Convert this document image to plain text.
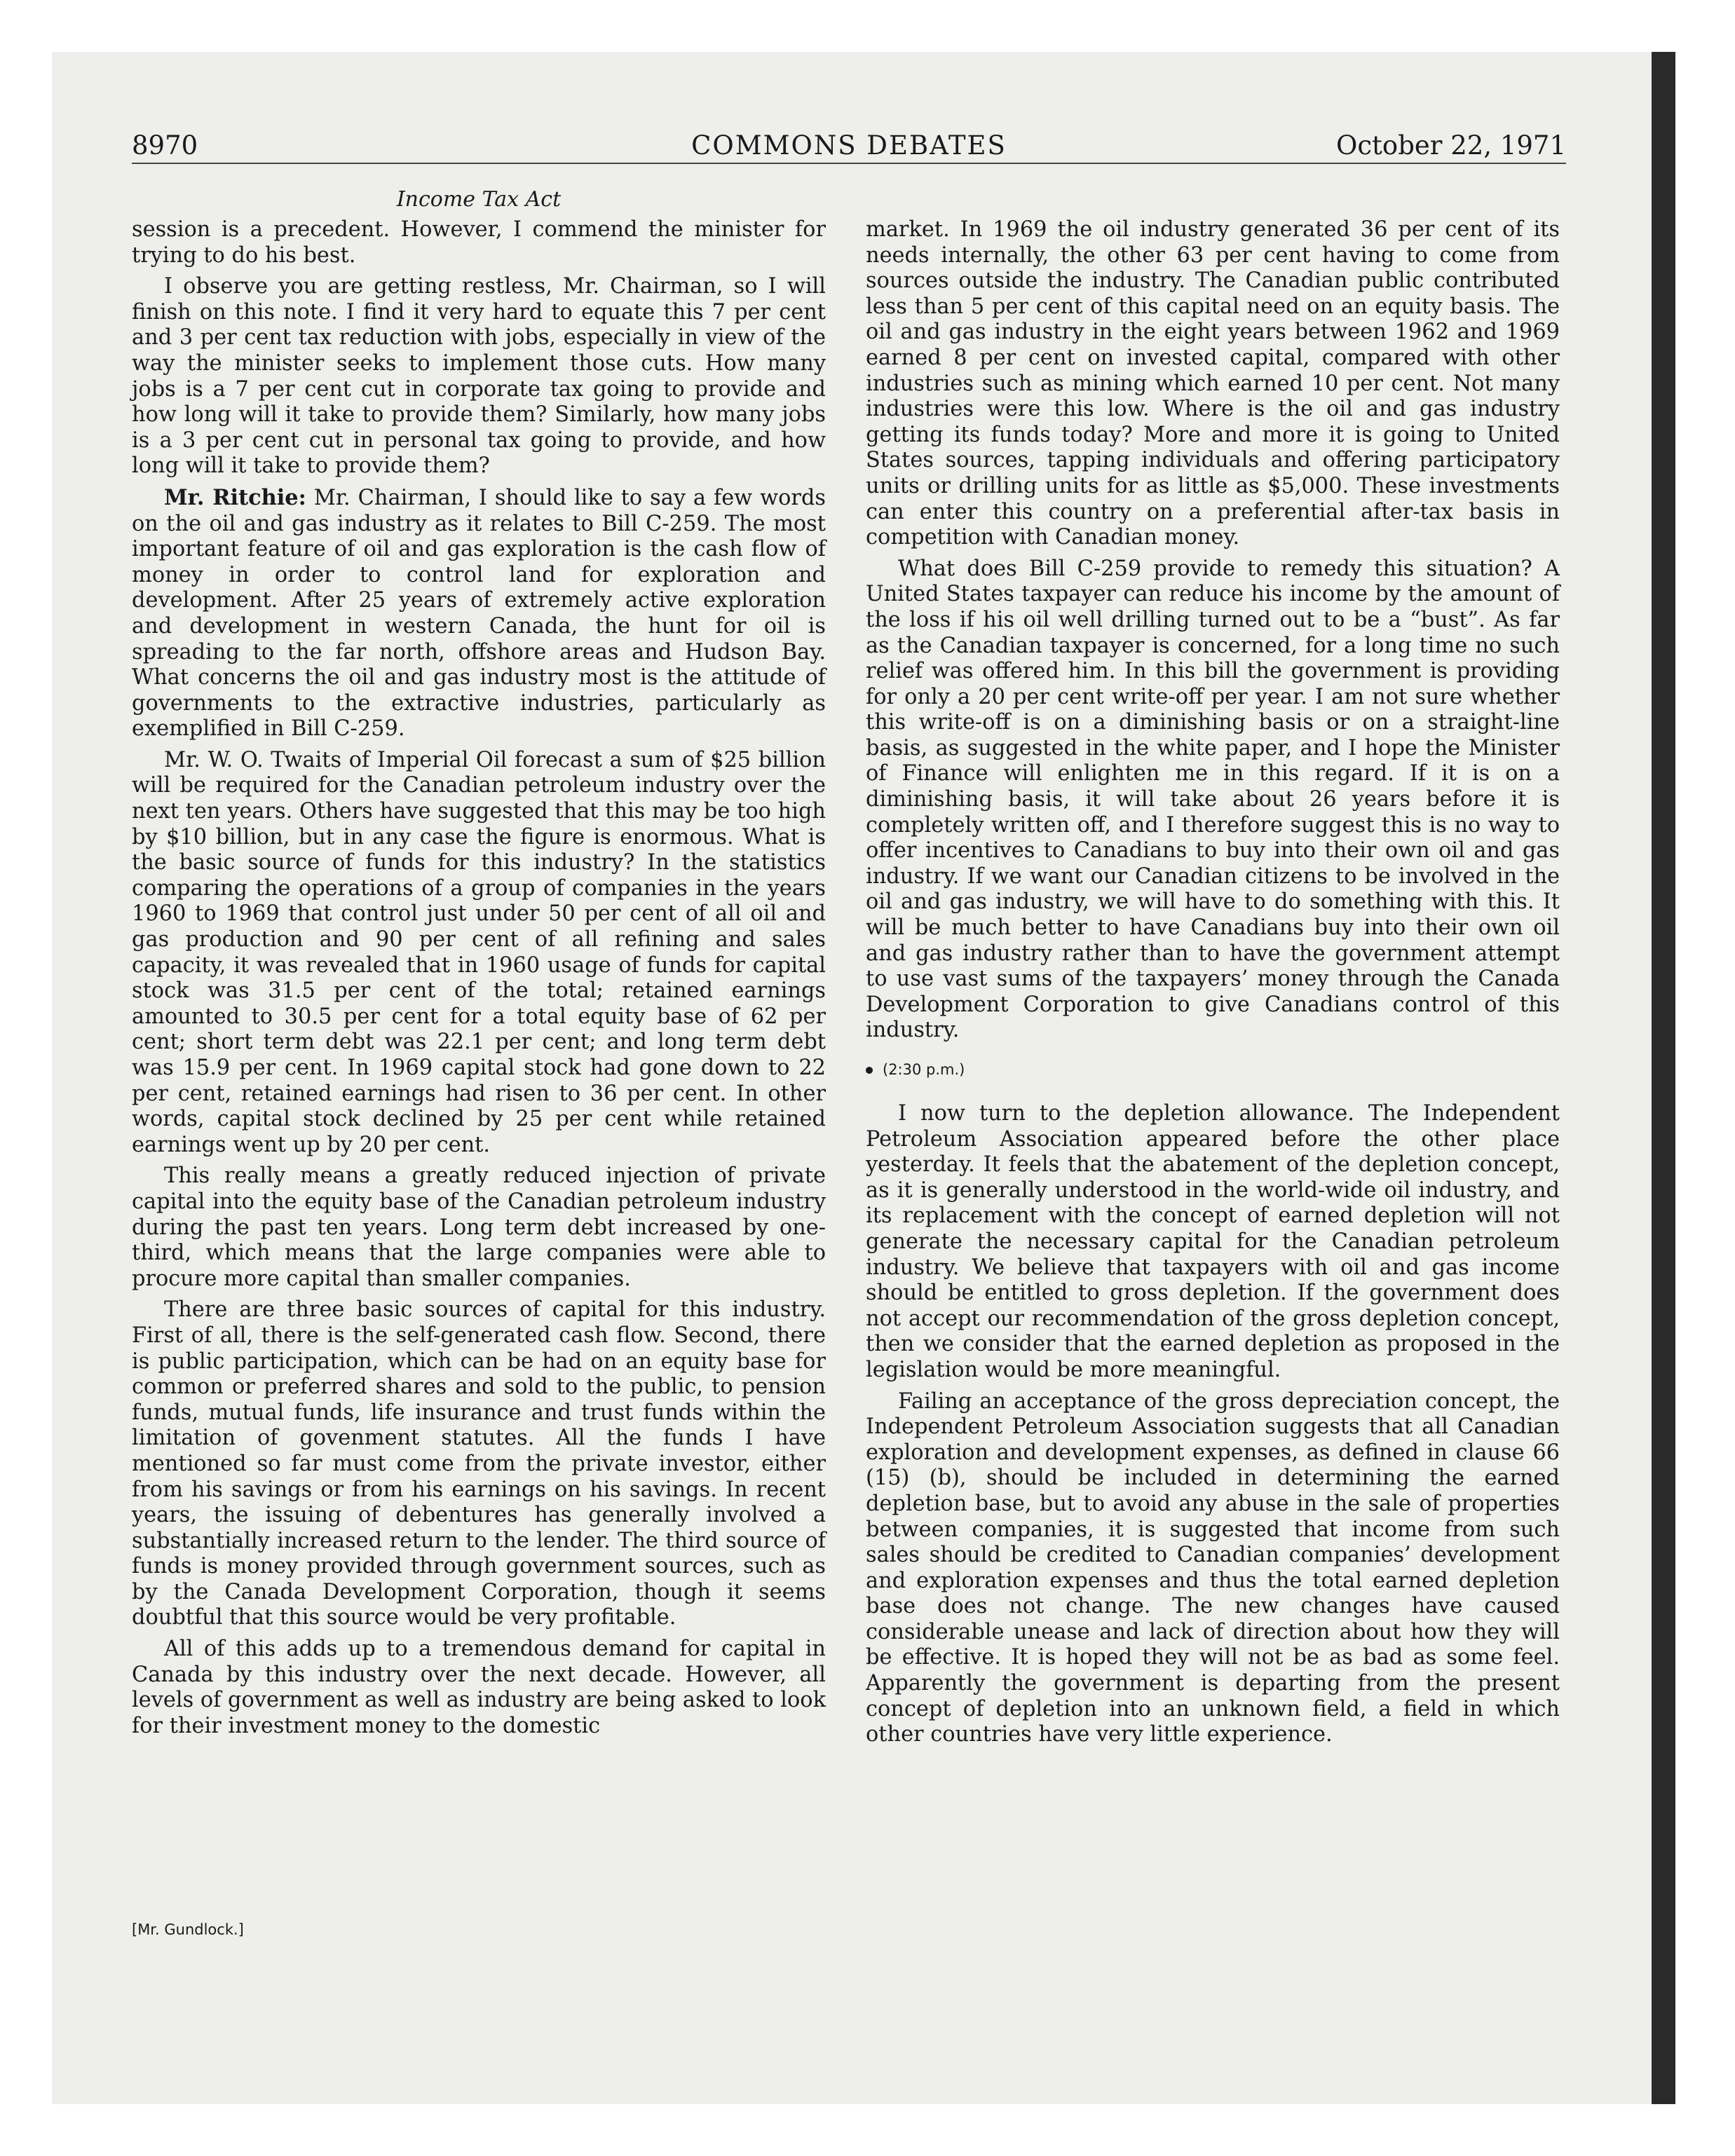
8970	COMMONS DEBATES	October 22, 1971
Income Tax Act

session is a precedent. However, I commend the minister for trying to do his best.

I observe you are getting restless, Mr. Chairman, so I will finish on this note. I find it very hard to equate this 7 per cent and 3 per cent tax reduction with jobs, especially in view of the way the minister seeks to implement those cuts. How many jobs is a 7 per cent cut in corporate tax going to provide and how long will it take to provide them? Similarly, how many jobs is a 3 per cent cut in personal tax going to provide, and how long will it take to provide them?

Mr. Ritchie: Mr. Chairman, I should like to say a few words on the oil and gas industry as it relates to Bill C-259. The most important feature of oil and gas exploration is the cash flow of money in order to control land for exploration and development. After 25 years of extremely active exploration and development in western Canada, the hunt for oil is spreading to the far north, offshore areas and Hudson Bay. What concerns the oil and gas industry most is the attitude of governments to the extractive industries, particularly as exemplified in Bill C-259.

Mr. W. O. Twaits of Imperial Oil forecast a sum of $25 billion will be required for the Canadian petroleum industry over the next ten years. Others have suggested that this may be too high by $10 billion, but in any case the figure is enormous. What is the basic source of funds for this industry? In the statistics comparing the operations of a group of companies in the years 1960 to 1969 that control just under 50 per cent of all oil and gas production and 90 per cent of all refining and sales capacity, it was revealed that in 1960 usage of funds for capital stock was 31.5 per cent of the total; retained earnings amounted to 30.5 per cent for a total equity base of 62 per cent; short term debt was 22.1 per cent; and long term debt was 15.9 per cent. In 1969 capital stock had gone down to 22 per cent, retained earnings had risen to 36 per cent. In other words, capital stock declined by 25 per cent while retained earnings went up by 20 per cent.

This really means a greatly reduced injection of private capital into the equity base of the Canadian petroleum industry during the past ten years. Long term debt increased by one-third, which means that the large companies were able to procure more capital than smaller companies.

There are three basic sources of capital for this industry. First of all, there is the self-generated cash flow. Second, there is public participation, which can be had on an equity base for common or preferred shares and sold to the public, to pension funds, mutual funds, life insurance and trust funds within the limitation of govenment statutes. All the funds I have mentioned so far must come from the private investor, either from his savings or from his earnings on his savings. In recent years, the issuing of debentures has generally involved a substantially increased return to the lender. The third source of funds is money provided through government sources, such as by the Canada Development Corporation, though it seems doubtful that this source would be very profitable.

All of this adds up to a tremendous demand for capital in Canada by this industry over the next decade. However, all levels of government as well as industry are being asked to look for their investment money to the domestic

market. In 1969 the oil industry generated 36 per cent of its needs internally, the other 63 per cent having to come from sources outside the industry. The Canadian public contributed less than 5 per cent of this capital need on an equity basis. The oil and gas industry in the eight years between 1962 and 1969 earned 8 per cent on invested capital, compared with other industries such as mining which earned 10 per cent. Not many industries were this low. Where is the oil and gas industry getting its funds today? More and more it is going to United States sources, tapping individuals and offering participatory units or drilling units for as little as $5,000. These investments can enter this country on a preferential after-tax basis in competition with Canadian money.

What does Bill C-259 provide to remedy this situation? A United States taxpayer can reduce his income by the amount of the loss if his oil well drilling turned out to be a “bust”. As far as the Canadian taxpayer is concerned, for a long time no such relief was offered him. In this bill the government is providing for only a 20 per cent write-off per year. I am not sure whether this write-off is on a diminishing basis or on a straight-line basis, as suggested in the white paper, and I hope the Minister of Finance will enlighten me in this regard. If it is on a diminishing basis, it will take about 26 years before it is completely written off, and I therefore suggest this is no way to offer incentives to Canadians to buy into their own oil and gas industry. If we want our Canadian citizens to be involved in the oil and gas industry, we will have to do something with this. It will be much better to have Canadians buy into their own oil and gas industry rather than to have the government attempt to use vast sums of the taxpayers’ money through the Canada Development Corporation to give Canadians control of this industry.

(2:30 p.m.)

I now turn to the depletion allowance. The Independent Petroleum Association appeared before the other place yesterday. It feels that the abatement of the depletion concept, as it is generally understood in the world-wide oil industry, and its replacement with the concept of earned depletion will not generate the necessary capital for the Canadian petroleum industry. We believe that taxpayers with oil and gas income should be entitled to gross depletion. If the government does not accept our recommendation of the gross depletion concept, then we consider that the earned depletion as proposed in the legislation would be more meaningful.

Failing an acceptance of the gross depreciation concept, the Independent Petroleum Association suggests that all Canadian exploration and development expenses, as defined in clause 66 (15) (b), should be included in determining the earned depletion base, but to avoid any abuse in the sale of properties between companies, it is suggested that income from such sales should be credited to Canadian companies’ development and exploration expenses and thus the total earned depletion base does not change. The new changes have caused considerable unease and lack of direction about how they will be effective. It is hoped they will not be as bad as some feel. Apparently the government is departing from the present concept of depletion into an unknown field, a field in which other countries have very little experience.

[Mr. Gundlock.]
